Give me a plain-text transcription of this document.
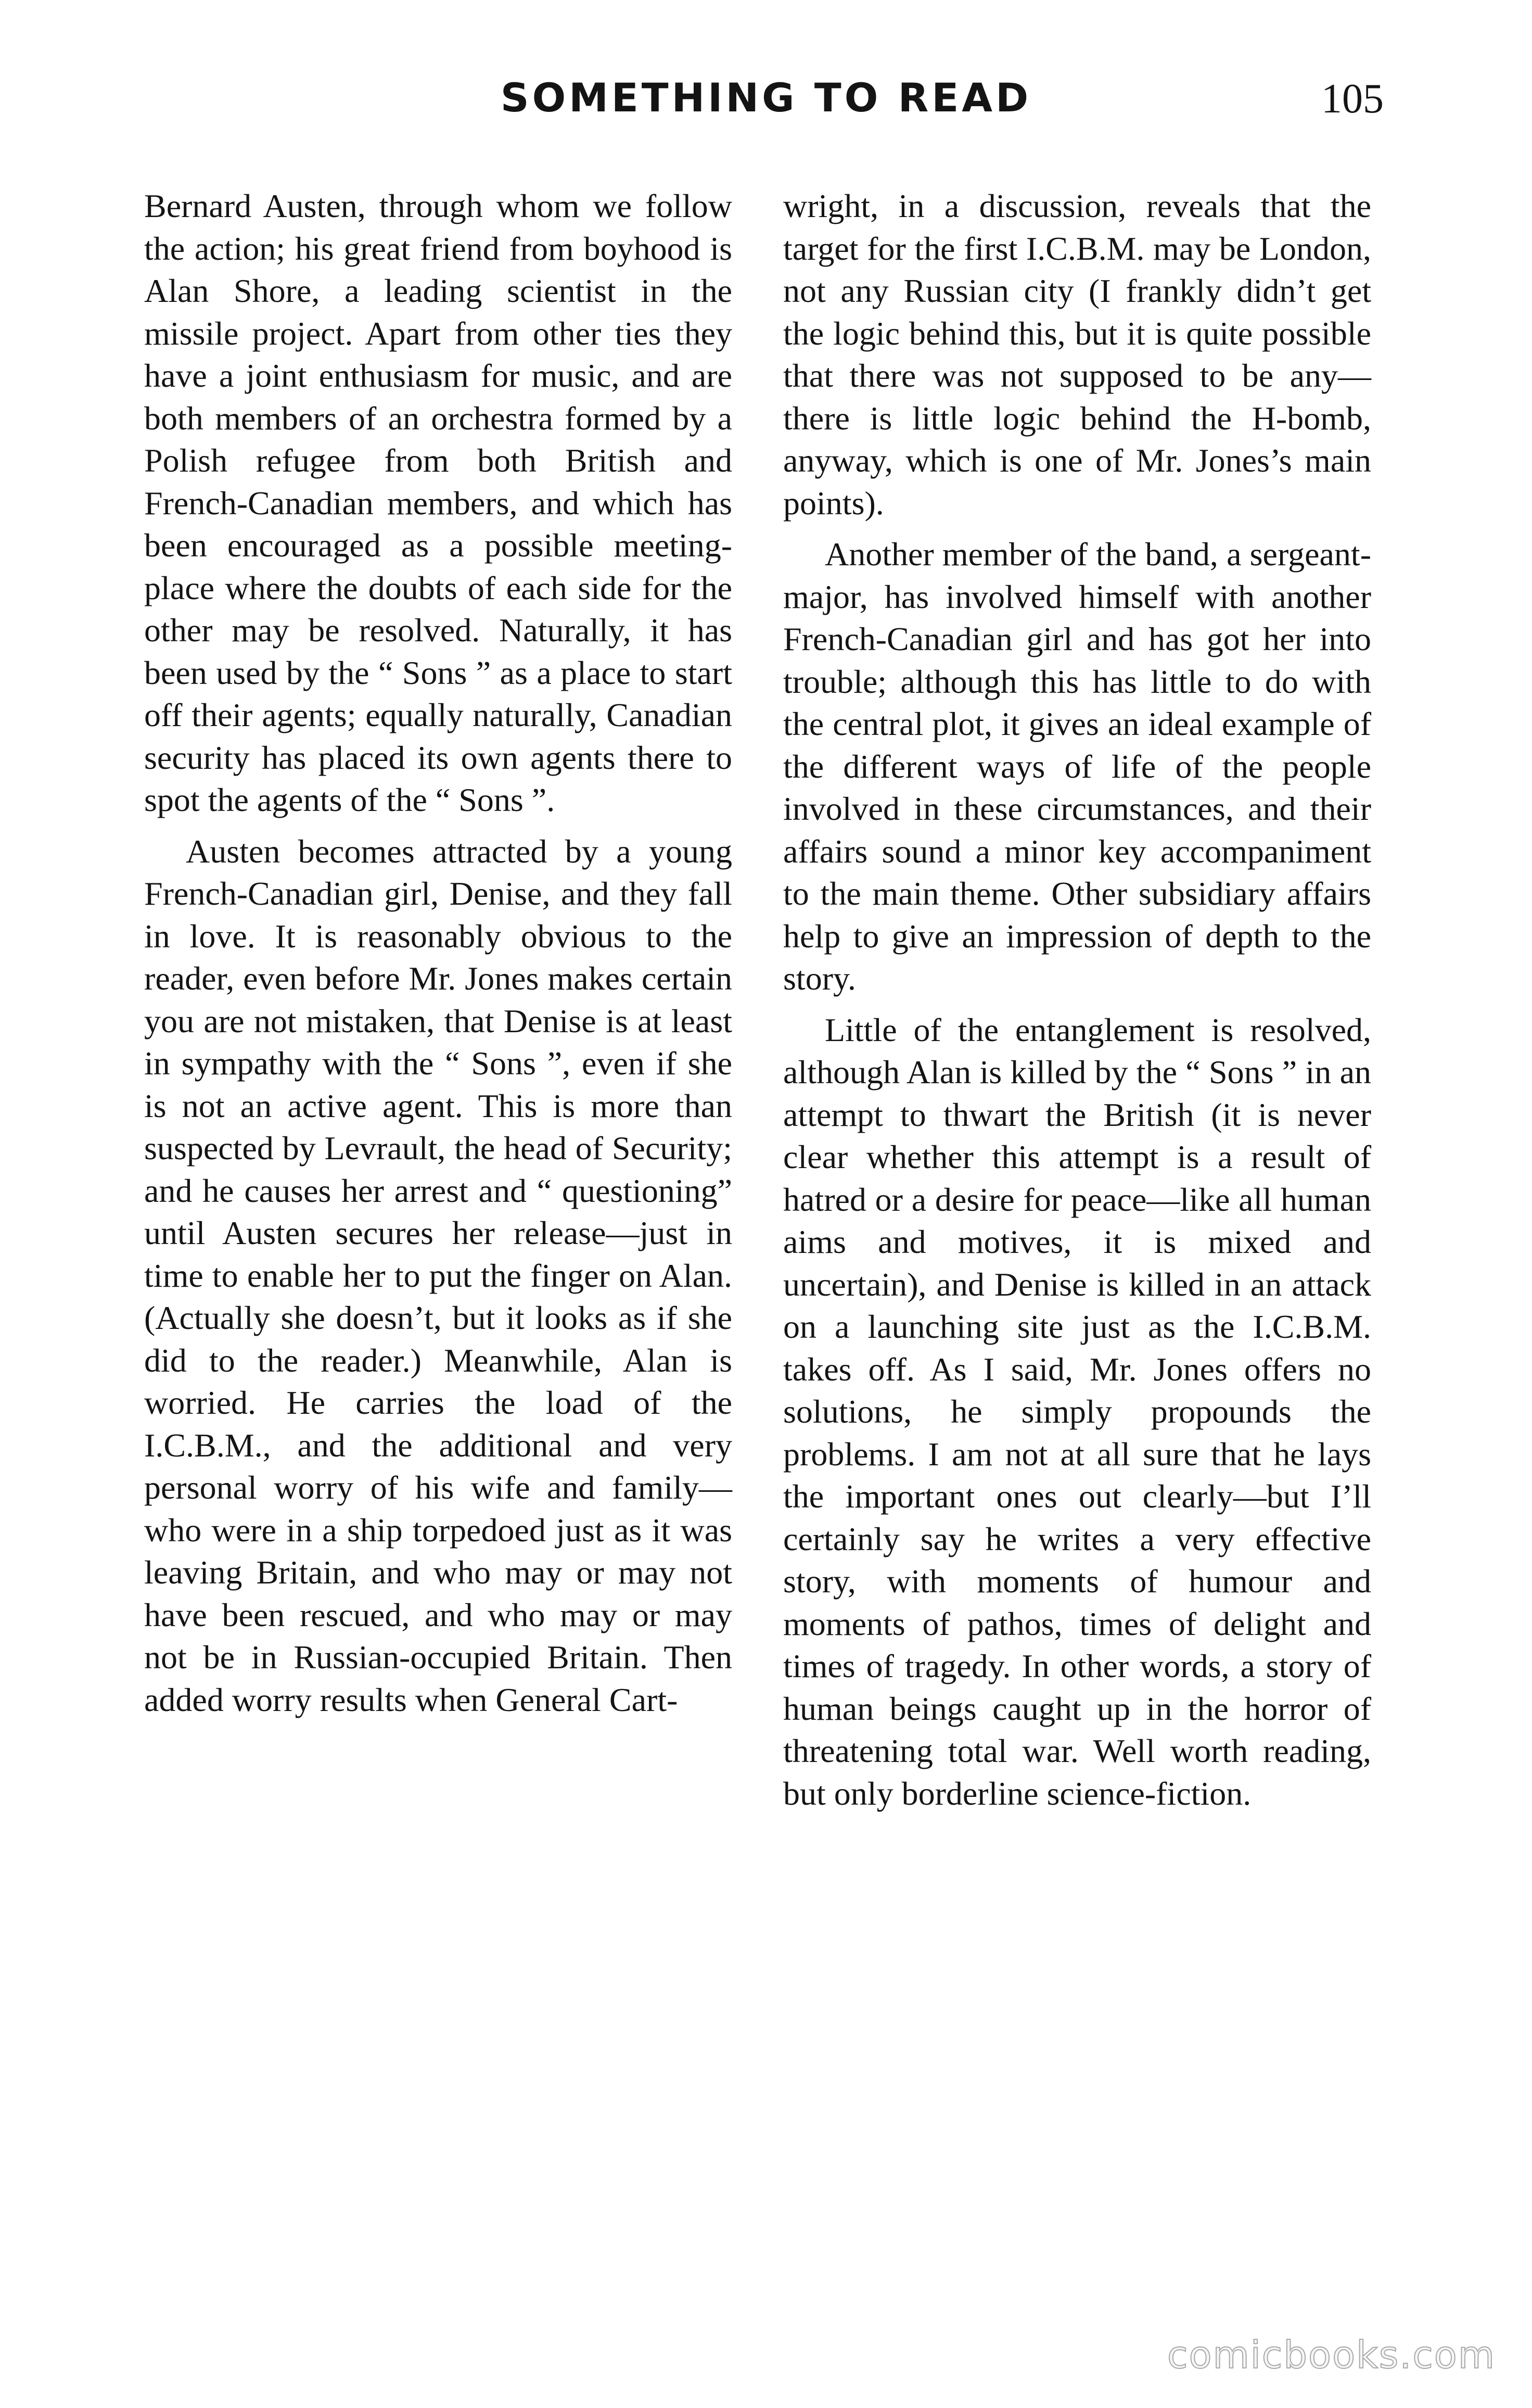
SOMETHING TO READ	105

Bernard Austen, through whom we follow the action; his great friend from boyhood is Alan Shore, a leading scientist in the missile project. Apart from other ties they have a joint enthusiasm for music, and are both members of an orchestra formed by a Polish refugee from both British and French-Canadian members, and which has been encouraged as a possible meeting-place where the doubts of each side for the other may be resolved. Naturally, it has been used by the “ Sons ” as a place to start off their agents; equally naturally, Canadian security has placed its own agents there to spot the agents of the “ Sons ”.

Austen becomes attracted by a young French-Canadian girl, Denise, and they fall in love. It is reasonably obvious to the reader, even before Mr. Jones makes certain you are not mistaken, that Denise is at least in sympathy with the “ Sons ”, even if she is not an active agent. This is more than suspected by Levrault, the head of Security; and he causes her arrest and “ questioning” until Austen secures her release—just in time to enable her to put the finger on Alan. (Actually she doesn’t, but it looks as if she did to the reader.) Meanwhile, Alan is worried. He carries the load of the I.C.B.M., and the additional and very personal worry of his wife and family—who were in a ship torpedoed just as it was leaving Britain, and who may or may not have been rescued, and who may or may not be in Russian-occupied Britain. Then added worry results when General Cart-

wright, in a discussion, reveals that the target for the first I.C.B.M. may be London, not any Russian city (I frankly didn’t get the logic behind this, but it is quite possible that there was not supposed to be any—there is little logic behind the H-bomb, anyway, which is one of Mr. Jones’s main points).

Another member of the band, a sergeant-major, has involved himself with another French-Canadian girl and has got her into trouble; although this has little to do with the central plot, it gives an ideal example of the different ways of life of the people involved in these circumstances, and their affairs sound a minor key accompaniment to the main theme. Other subsidiary affairs help to give an impression of depth to the story.

Little of the entanglement is resolved, although Alan is killed by the “ Sons ” in an attempt to thwart the British (it is never clear whether this attempt is a result of hatred or a desire for peace—like all human aims and motives, it is mixed and uncertain), and Denise is killed in an attack on a launching site just as the I.C.B.M. takes off. As I said, Mr. Jones offers no solutions, he simply propounds the problems. I am not at all sure that he lays the important ones out clearly—but I’ll certainly say he writes a very effective story, with moments of humour and moments of pathos, times of delight and times of tragedy. In other words, a story of human beings caught up in the horror of threatening total war. Well worth reading, but only borderline science-fiction.

comicbooks.com
